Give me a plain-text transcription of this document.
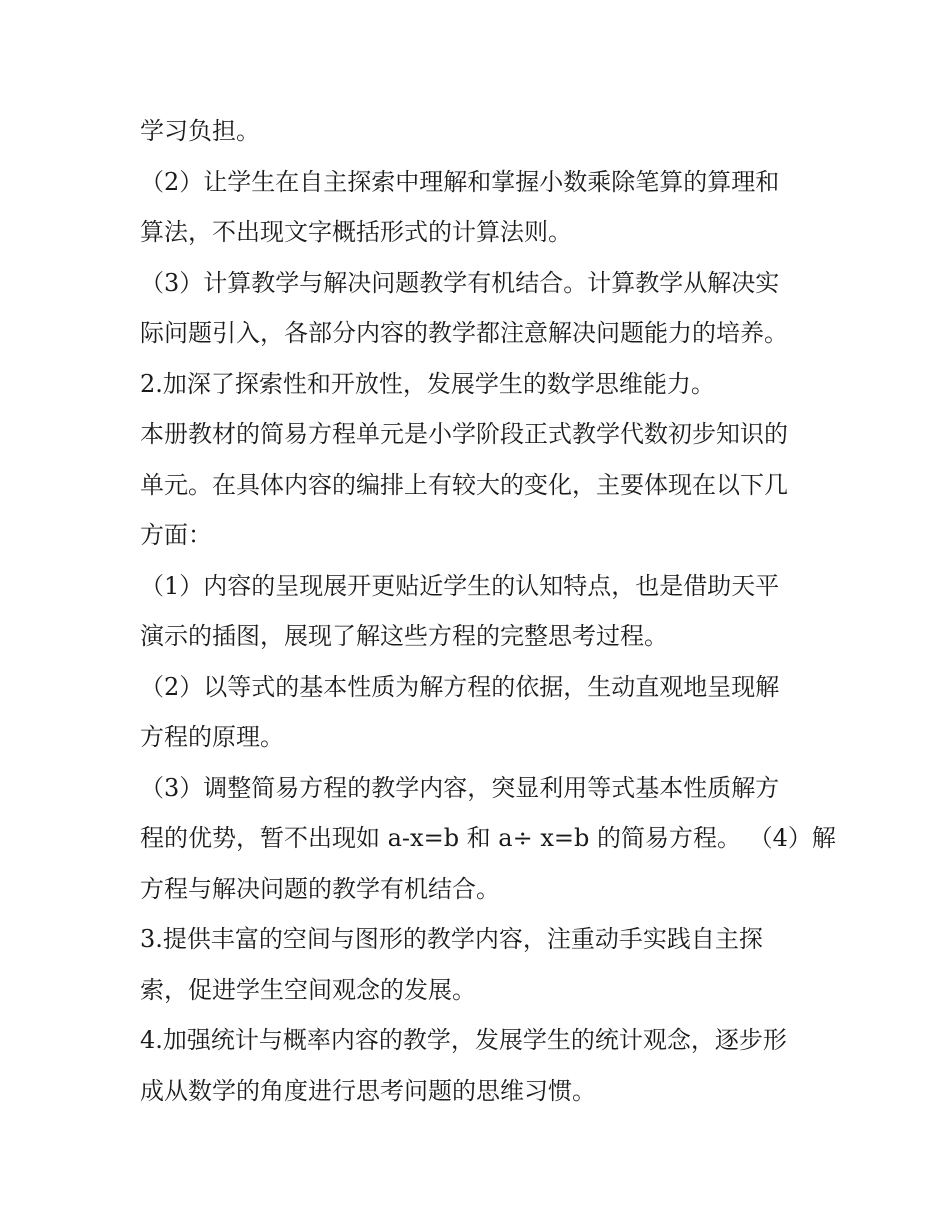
学习负担。

（2）让学生在自主探索中理解和掌握小数乘除笔算的算理和

算法，不出现文字概括形式的计算法则。

（3）计算教学与解决问题教学有机结合。计算教学从解决实

际问题引入，各部分内容的教学都注意解决问题能力的培养。

2.加深了探索性和开放性，发展学生的数学思维能力。

本册教材的简易方程单元是小学阶段正式教学代数初步知识的

单元。在具体内容的编排上有较大的变化，主要体现在以下几

方面：

（1）内容的呈现展开更贴近学生的认知特点，也是借助天平

演示的插图，展现了解这些方程的完整思考过程。

（2）以等式的基本性质为解方程的依据，生动直观地呈现解

方程的原理。

（3）调整简易方程的教学内容，突显利用等式基本性质解方

程的优势，暂不出现如 a-x=b 和 a÷ x=b 的简易方程。 （4）解

方程与解决问题的教学有机结合。

3.提供丰富的空间与图形的教学内容，注重动手实践自主探

索，促进学生空间观念的发展。

4.加强统计与概率内容的教学，发展学生的统计观念，逐步形

成从数学的角度进行思考问题的思维习惯。
